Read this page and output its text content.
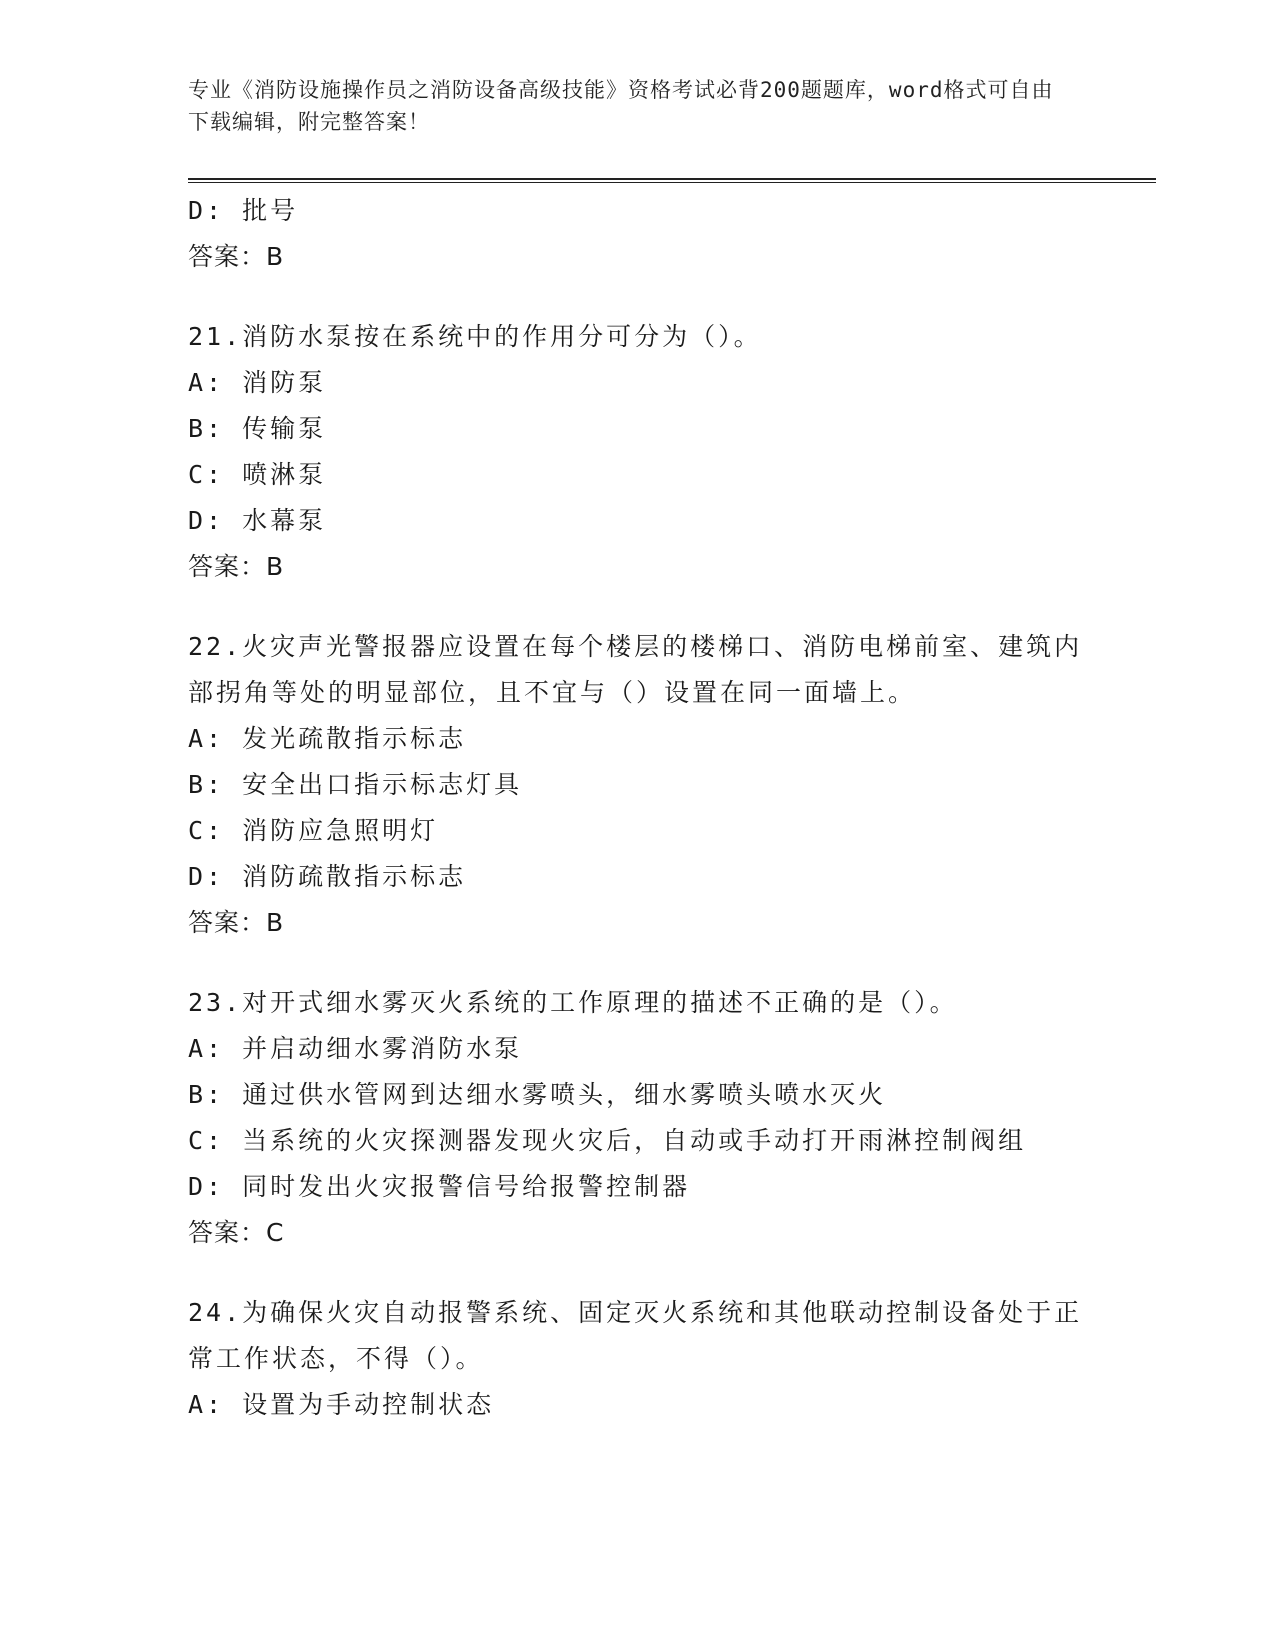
专业《消防设施操作员之消防设备高级技能》资格考试必背200题题库，word格式可自由下载编辑，附完整答案！
D: 批号
答案：B
21.消防水泵按在系统中的作用分可分为（）。
A: 消防泵
B: 传输泵
C: 喷淋泵
D: 水幕泵
答案：B
22.火灾声光警报器应设置在每个楼层的楼梯口、消防电梯前室、建筑内部拐角等处的明显部位，且不宜与（）设置在同一面墙上。
A: 发光疏散指示标志
B: 安全出口指示标志灯具
C: 消防应急照明灯
D: 消防疏散指示标志
答案：B
23.对开式细水雾灭火系统的工作原理的描述不正确的是（）。
A: 并启动细水雾消防水泵
B: 通过供水管网到达细水雾喷头，细水雾喷头喷水灭火
C: 当系统的火灾探测器发现火灾后，自动或手动打开雨淋控制阀组
D: 同时发出火灾报警信号给报警控制器
答案：C
24.为确保火灾自动报警系统、固定灭火系统和其他联动控制设备处于正常工作状态，不得（）。
A: 设置为手动控制状态
